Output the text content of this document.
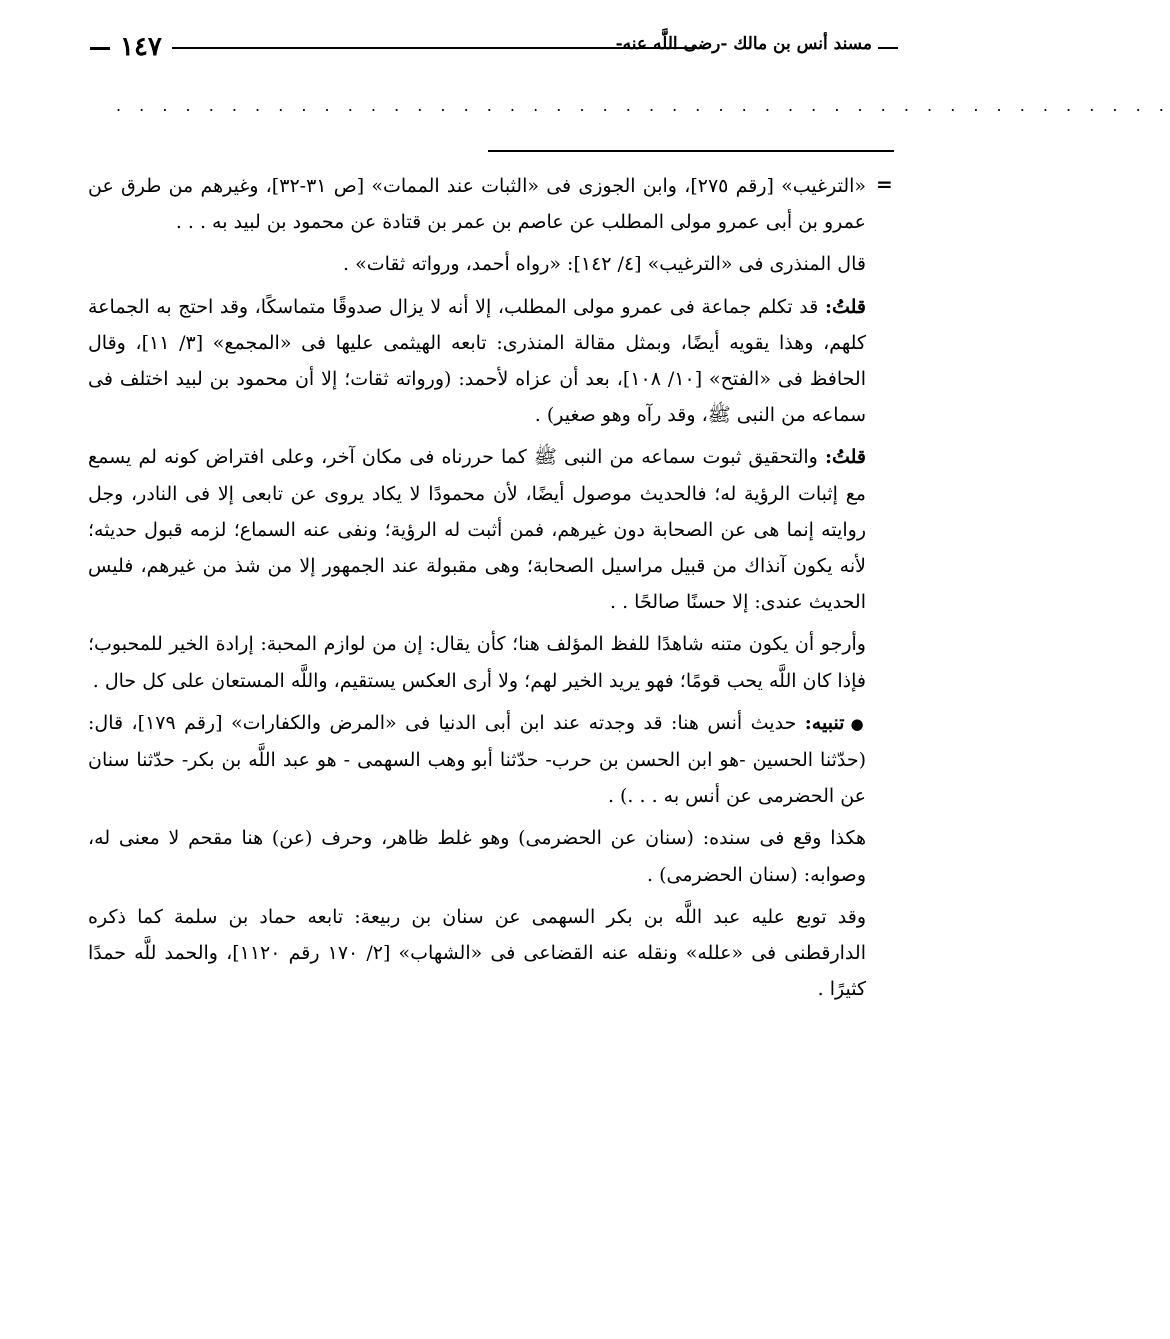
١٤٧	مسند أنس بن مالك -رضى اللَّه عنه-
. . . . . . . . . . . . . . . . . . . . . . . . . . . . . . . . . . . . . . . . . . . . . .
=

«الترغيب» [رقم ٢٧٥]، وابن الجوزى فى «الثبات عند الممات» [ص ٣١-٣٢]، وغيرهم من طرق عن عمرو بن أبى عمرو مولى المطلب عن عاصم بن عمر بن قتادة عن محمود بن لبيد به . . .

قال المنذرى فى «الترغيب» [٤/ ١٤٢]: «رواه أحمد، ورواته ثقات» .

قلتُ: قد تكلم جماعة فى عمرو مولى المطلب، إلا أنه لا يزال صدوقًا متماسكًا، وقد احتج به الجماعة كلهم، وهذا يقويه أيضًا، وبمثل مقالة المنذرى: تابعه الهيثمى عليها فى «المجمع» [٣/ ١١]، وقال الحافظ فى «الفتح» [١٠/ ١٠٨]، بعد أن عزاه لأحمد: (ورواته ثقات؛ إلا أن محمود بن لبيد اختلف فى سماعه من النبى ﷺ، وقد رآه وهو صغير) .

قلتُ: والتحقيق ثبوت سماعه من النبى ﷺ كما حررناه فى مكان آخر، وعلى افتراض كونه لم يسمع مع إثبات الرؤية له؛ فالحديث موصول أيضًا، لأن محمودًا لا يكاد يروى عن تابعى إلا فى النادر، وجل روايته إنما هى عن الصحابة دون غيرهم، فمن أثبت له الرؤية؛ ونفى عنه السماع؛ لزمه قبول حديثه؛ لأنه يكون آنذاك من قبيل مراسيل الصحابة؛ وهى مقبولة عند الجمهور إلا من شذ من غيرهم، فليس الحديث عندى: إلا حسنًا صالحًا . .

وأرجو أن يكون متنه شاهدًا للفظ المؤلف هنا؛ كأن يقال: إن من لوازم المحبة: إرادة الخير للمحبوب؛ فإذا كان اللَّه يحب قومًا؛ فهو يريد الخير لهم؛ ولا أرى العكس يستقيم، واللَّه المستعان على كل حال .

●تنبيه: حديث أنس هنا: قد وجدته عند ابن أبى الدنيا فى «المرض والكفارات» [رقم ١٧٩]، قال: (حدّثنا الحسين -هو ابن الحسن بن حرب- حدّثنا أبو وهب السهمى - هو عبد اللَّه بن بكر- حدّثنا سنان عن الحضرمى عن أنس به . . .) .

هكذا وقع فى سنده: (سنان عن الحضرمى) وهو غلط ظاهر، وحرف (عن) هنا مقحم لا معنى له، وصوابه: (سنان الحضرمى) .

وقد توبع عليه عبد اللَّه بن بكر السهمى عن سنان بن ربيعة: تابعه حماد بن سلمة كما ذكره الدارقطنى فى «علله» ونقله عنه القضاعى فى «الشهاب» [٢/ ١٧٠ رقم ١١٢٠]، والحمد للَّه حمدًا كثيرًا .
